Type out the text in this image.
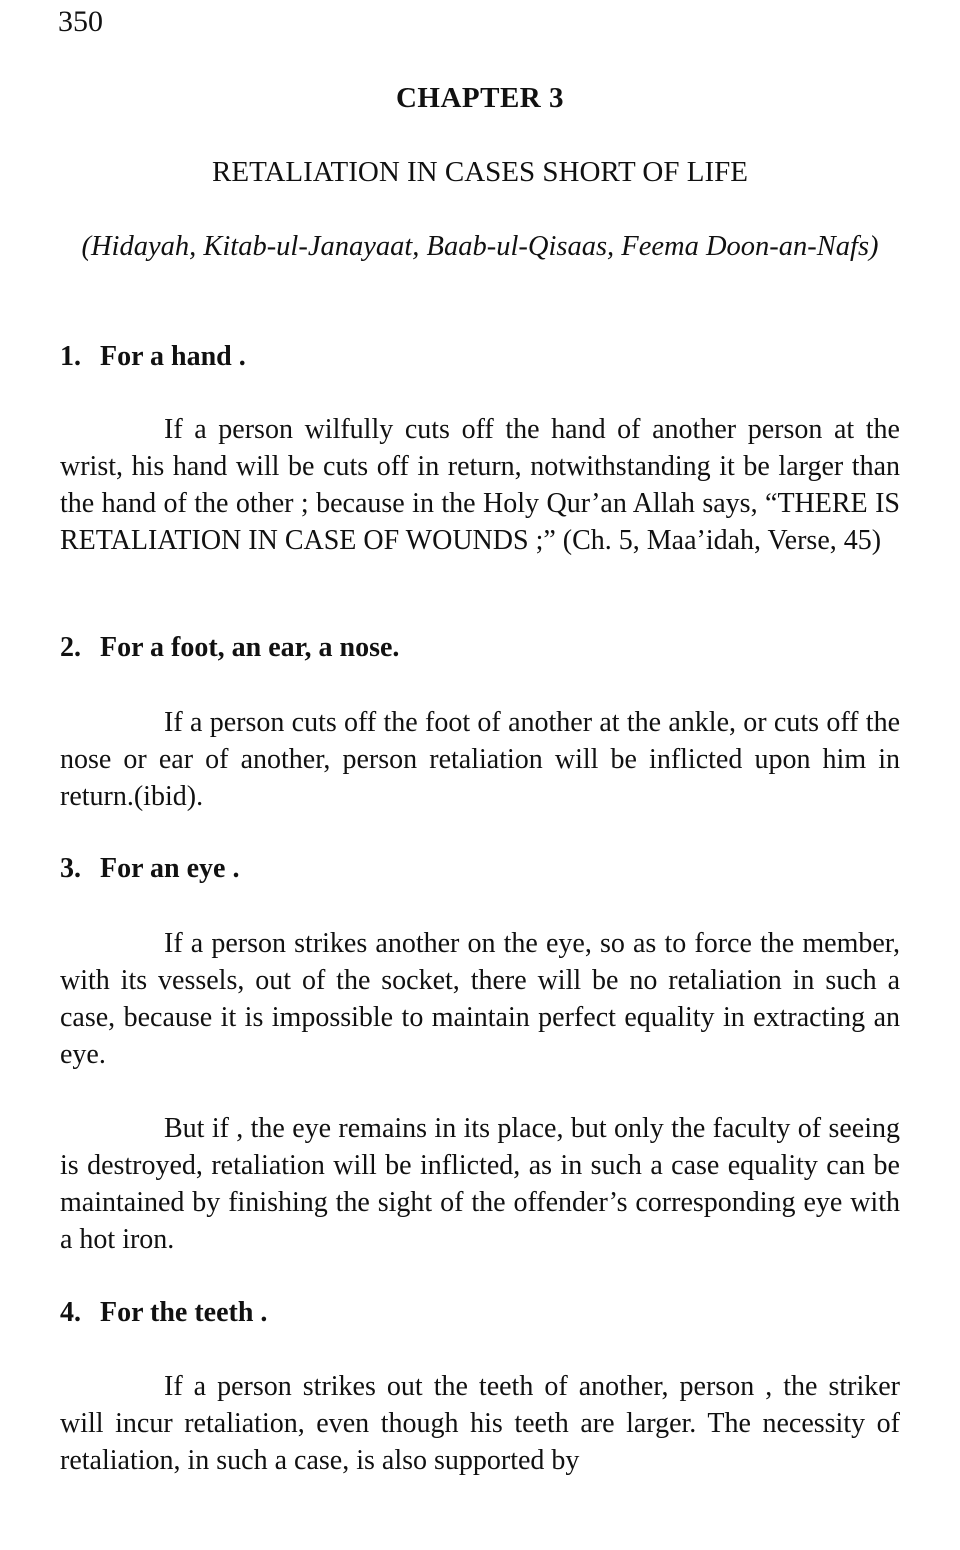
350
CHAPTER 3
RETALIATION IN CASES SHORT OF LIFE
(Hidayah, Kitab-ul-Janayaat, Baab-ul-Qisaas, Feema Doon-an-Nafs)
1. For a hand .

If a person wilfully cuts off the hand of another person at the wrist, his hand will be cuts off in return, notwithstanding it be larger than the hand of the other ; because in the Holy Qur’an Allah says, “THERE IS RETALIATION IN CASE OF WOUNDS ;” (Ch. 5, Maa’idah, Verse, 45)

2. For a foot, an ear, a nose.

If a person cuts off the foot of another at the ankle, or cuts off the nose or ear of another, person retaliation will be inflicted upon him in return.(ibid).

3. For an eye .

If a person strikes another on the eye, so as to force the member, with its vessels, out of the socket, there will be no retaliation in such a case, because it is impossible to maintain perfect equality in extracting an eye.

But if , the eye remains in its place, but only the faculty of seeing is destroyed, retaliation will be inflicted, as in such a case equality can be maintained by finishing the sight of the offender’s corresponding eye with a hot iron.

4. For the teeth .

If a person strikes out the teeth of another, person , the striker will incur retaliation, even though his teeth are larger. The necessity of retaliation, in such a case, is also supported by
